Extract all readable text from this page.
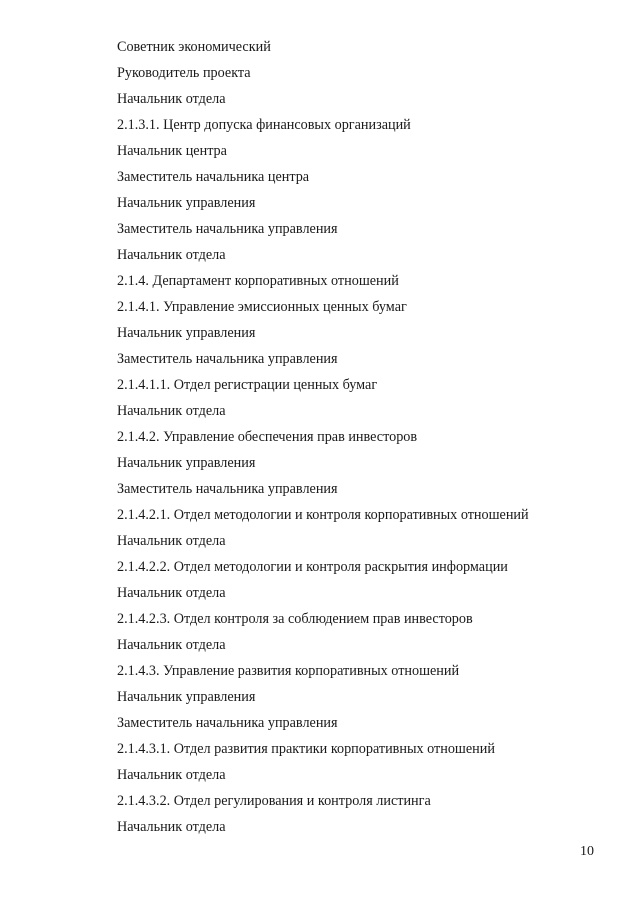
Советник экономический
Руководитель проекта
Начальник отдела
2.1.3.1. Центр допуска финансовых организаций
Начальник центра
Заместитель начальника центра
Начальник управления
Заместитель начальника управления
Начальник отдела
2.1.4. Департамент корпоративных отношений
2.1.4.1. Управление эмиссионных ценных бумаг
Начальник управления
Заместитель начальника управления
2.1.4.1.1. Отдел регистрации ценных бумаг
Начальник отдела
2.1.4.2. Управление обеспечения прав инвесторов
Начальник управления
Заместитель начальника управления
2.1.4.2.1. Отдел методологии и контроля корпоративных отношений
Начальник отдела
2.1.4.2.2. Отдел методологии и контроля раскрытия информации
Начальник отдела
2.1.4.2.3. Отдел контроля за соблюдением прав инвесторов
Начальник отдела
2.1.4.3. Управление развития корпоративных отношений
Начальник управления
Заместитель начальника управления
2.1.4.3.1. Отдел развития практики корпоративных отношений
Начальник отдела
2.1.4.3.2. Отдел регулирования и контроля листинга
Начальник отдела
10
